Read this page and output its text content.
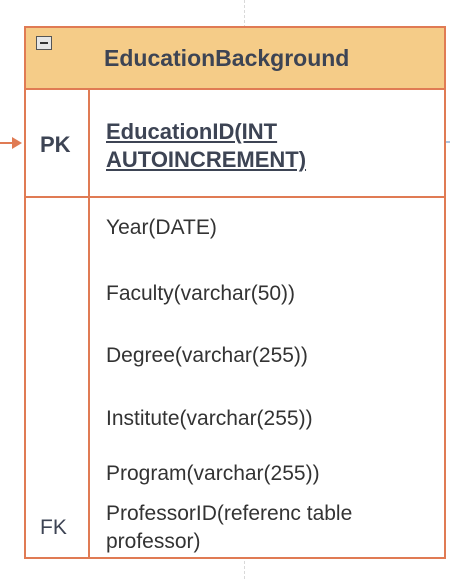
EducationBackground
PK
EducationID(INT AUTOINCREMENT)
Year(DATE)
Faculty(varchar(50))
Degree(varchar(255))
Institute(varchar(255))
Program(varchar(255))
FK
ProfessorID(referenc table professor)
